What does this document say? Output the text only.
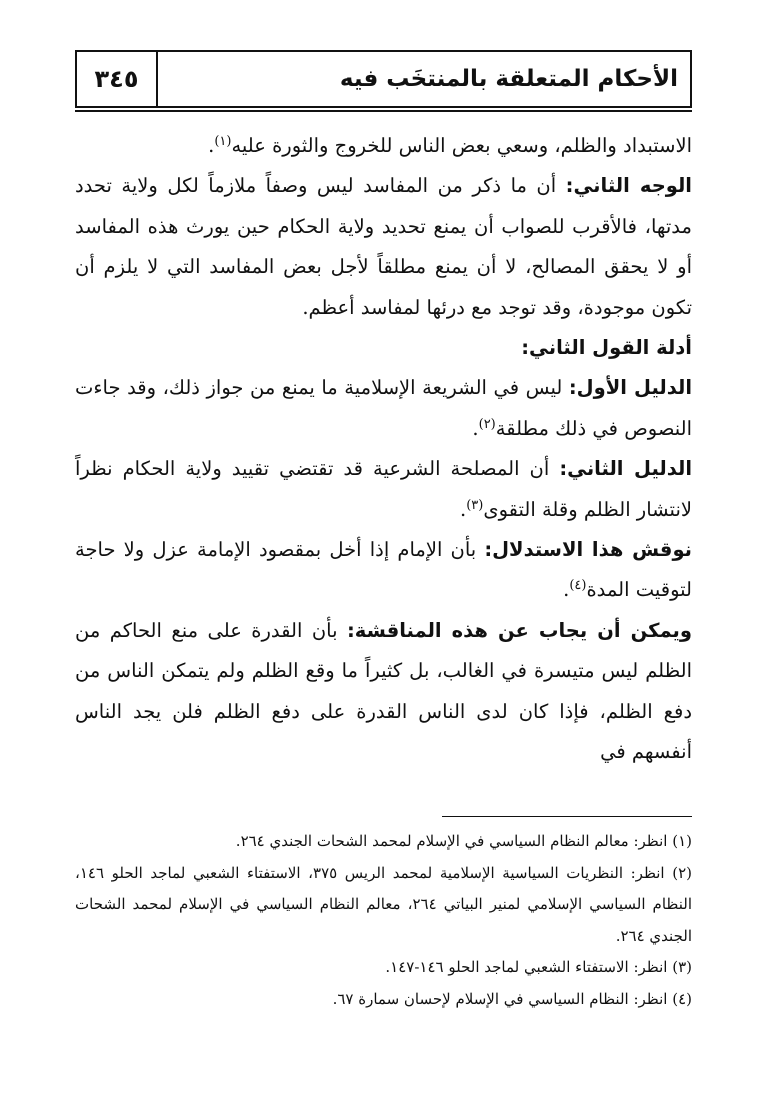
الأحكام المتعلقة بالمنتخَب فيه
٣٤٥

الاستبداد والظلم، وسعي بعض الناس للخروج والثورة عليه$^{(١)}$.

الوجه الثاني: أن ما ذكر من المفاسد ليس وصفاً ملازماً لكل ولاية تحدد مدتها، فالأقرب للصواب أن يمنع تحديد ولاية الحكام حين يورث هذه المفاسد أو لا يحقق المصالح، لا أن يمنع مطلقاً لأجل بعض المفاسد التي لا يلزم أن تكون موجودة، وقد توجد مع درئها لمفاسد أعظم.

أدلة القول الثاني:

الدليل الأول: ليس في الشريعة الإسلامية ما يمنع من جواز ذلك، وقد جاءت النصوص في ذلك مطلقة$^{(٢)}$.

الدليل الثاني: أن المصلحة الشرعية قد تقتضي تقييد ولاية الحكام نظراً لانتشار الظلم وقلة التقوى$^{(٣)}$.

نوقش هذا الاستدلال: بأن الإمام إذا أخل بمقصود الإمامة عزل ولا حاجة لتوقيت المدة$^{(٤)}$.

ويمكن أن يجاب عن هذه المناقشة: بأن القدرة على منع الحاكم من الظلم ليس متيسرة في الغالب، بل كثيراً ما وقع الظلم ولم يتمكن الناس من دفع الظلم، فإذا كان لدى الناس القدرة على دفع الظلم فلن يجد الناس أنفسهم في

(١) انظر: معالم النظام السياسي في الإسلام لمحمد الشحات الجندي ٢٦٤.

(٢) انظر: النظريات السياسية الإسلامية لمحمد الريس ٣٧٥، الاستفتاء الشعبي لماجد الحلو ١٤٦، النظام السياسي الإسلامي لمنير البياتي ٢٦٤، معالم النظام السياسي في الإسلام لمحمد الشحات الجندي ٢٦٤.

(٣) انظر: الاستفتاء الشعبي لماجد الحلو ١٤٦-١٤٧.

(٤) انظر: النظام السياسي في الإسلام لإحسان سمارة ٦٧.
